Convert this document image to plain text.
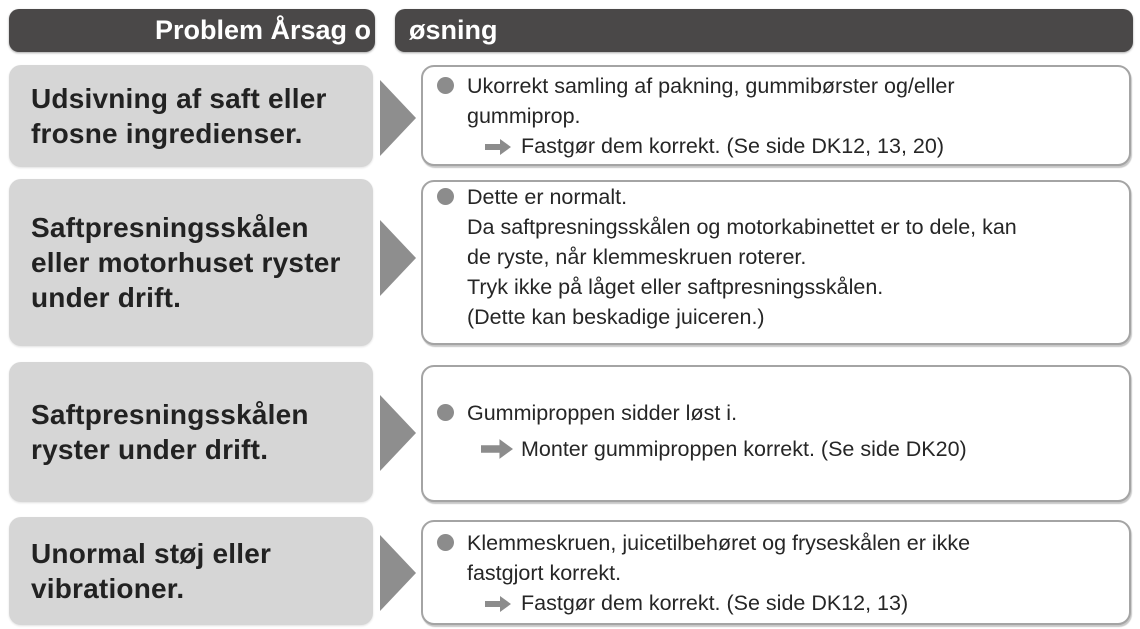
Problem Årsag o øsning
Udsivning af saft eller
frosne ingredienser.
Ukorrekt samling af pakning, gummibørster og/eller
gummiprop.
Fastgør dem korrekt. (Se side DK12, 13, 20)
Saftpresningsskålen
eller motorhuset ryster
under drift.
Dette er normalt.
Da saftpresningsskålen og motorkabinettet er to dele, kan
de ryste, når klemmeskruen roterer.
Tryk ikke på låget eller saftpresningsskålen.
(Dette kan beskadige juiceren.)
Saftpresningsskålen
ryster under drift.
Gummiproppen sidder løst i.
Monter gummiproppen korrekt. (Se side DK20)
Unormal støj eller
vibrationer.
Klemmeskruen, juicetilbehøret og fryseskålen er ikke
fastgjort korrekt.
Fastgør dem korrekt. (Se side DK12, 13)
